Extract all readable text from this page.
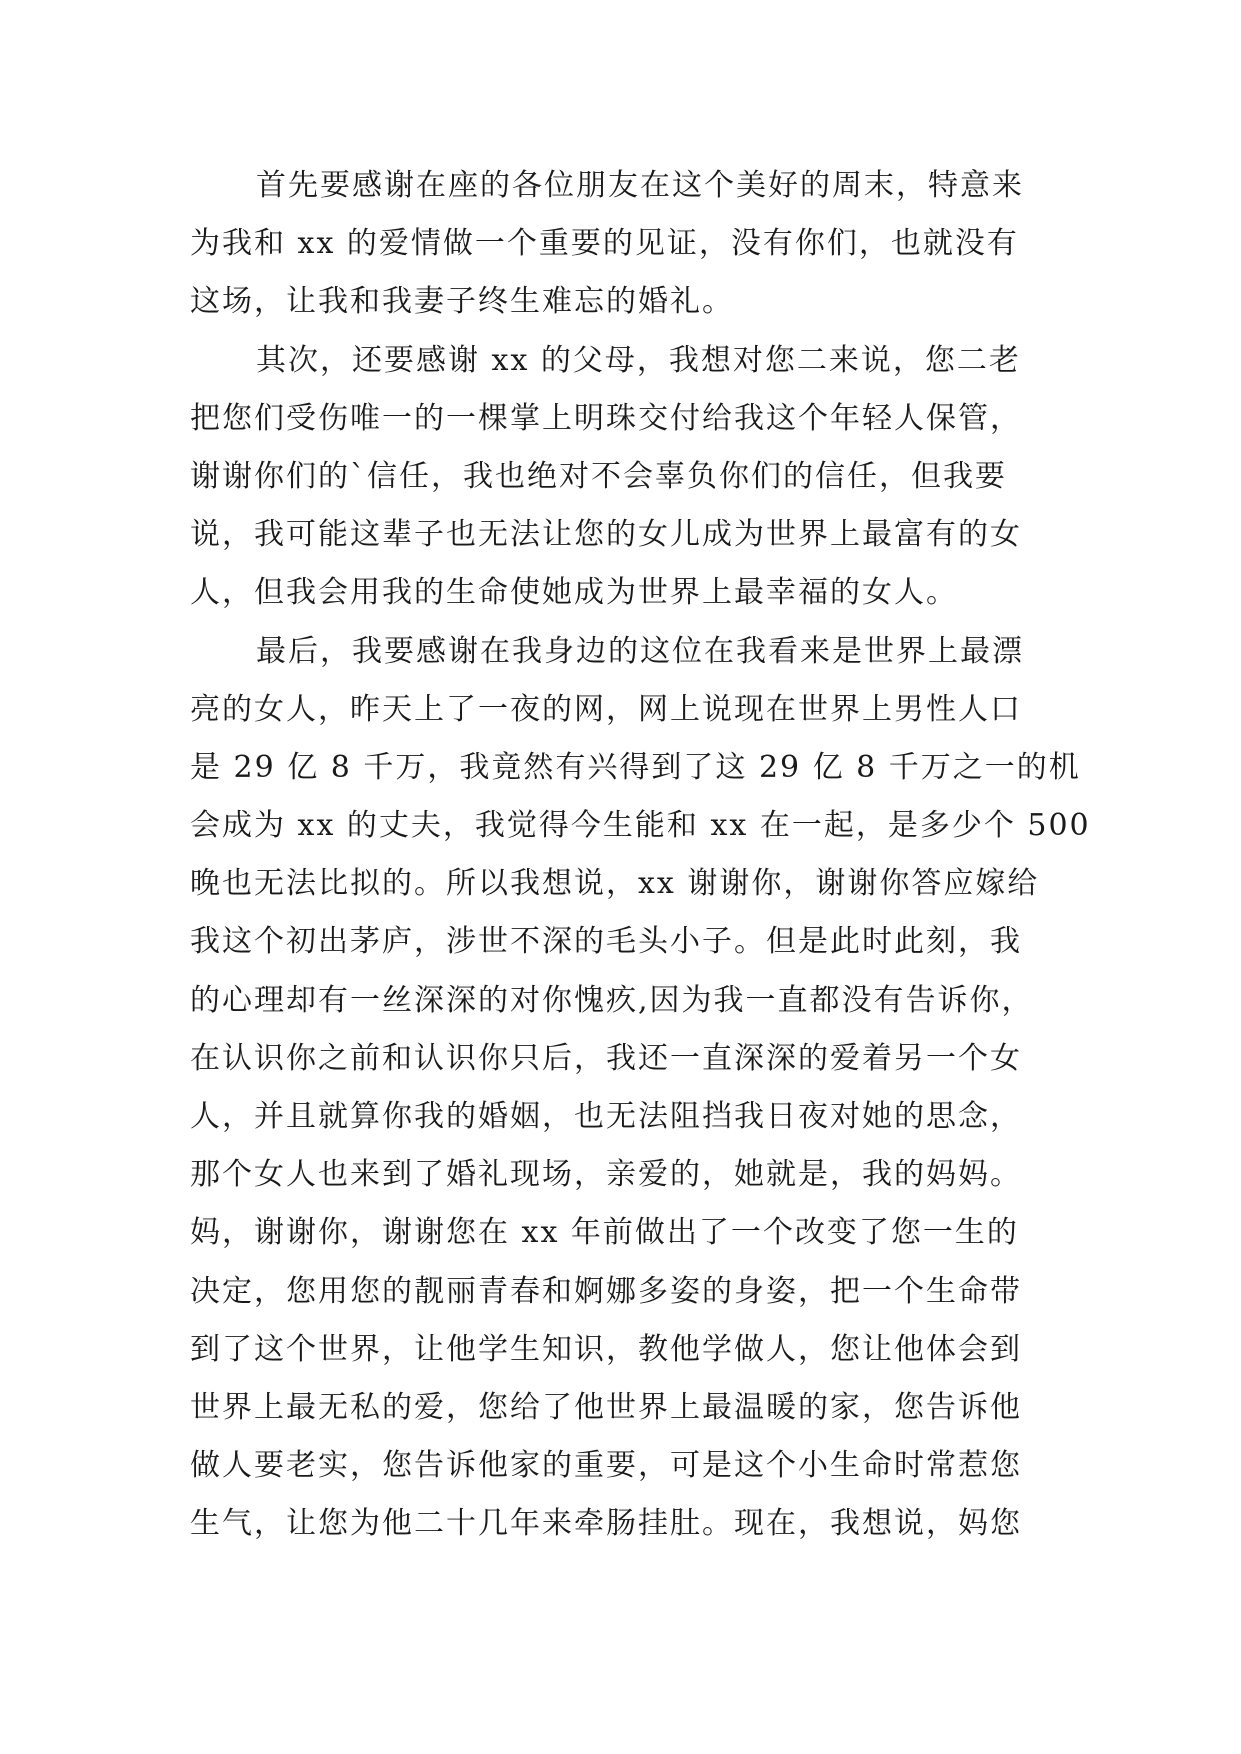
首先要感谢在座的各位朋友在这个美好的周末，特意来
为我和 xx 的爱情做一个重要的见证，没有你们，也就没有
这场，让我和我妻子终生难忘的婚礼。
其次，还要感谢 xx 的父母，我想对您二来说，您二老
把您们受伤唯一的一棵掌上明珠交付给我这个年轻人保管，
谢谢你们的`信任，我也绝对不会辜负你们的信任，但我要
说，我可能这辈子也无法让您的女儿成为世界上最富有的女
人，但我会用我的生命使她成为世界上最幸福的女人。
最后，我要感谢在我身边的这位在我看来是世界上最漂
亮的女人，昨天上了一夜的网，网上说现在世界上男性人口
是 29 亿 8 千万，我竟然有兴得到了这 29 亿 8 千万之一的机
会成为 xx 的丈夫，我觉得今生能和 xx 在一起，是多少个 500
晚也无法比拟的。所以我想说，xx 谢谢你，谢谢你答应嫁给
我这个初出茅庐，涉世不深的毛头小子。但是此时此刻，我
的心理却有一丝深深的对你愧疚,因为我一直都没有告诉你，
在认识你之前和认识你只后，我还一直深深的爱着另一个女
人，并且就算你我的婚姻，也无法阻挡我日夜对她的思念，
那个女人也来到了婚礼现场，亲爱的，她就是，我的妈妈。
妈，谢谢你，谢谢您在 xx 年前做出了一个改变了您一生的
决定，您用您的靓丽青春和婀娜多姿的身姿，把一个生命带
到了这个世界，让他学生知识，教他学做人，您让他体会到
世界上最无私的爱，您给了他世界上最温暖的家，您告诉他
做人要老实，您告诉他家的重要，可是这个小生命时常惹您
生气，让您为他二十几年来牵肠挂肚。现在，我想说，妈您
